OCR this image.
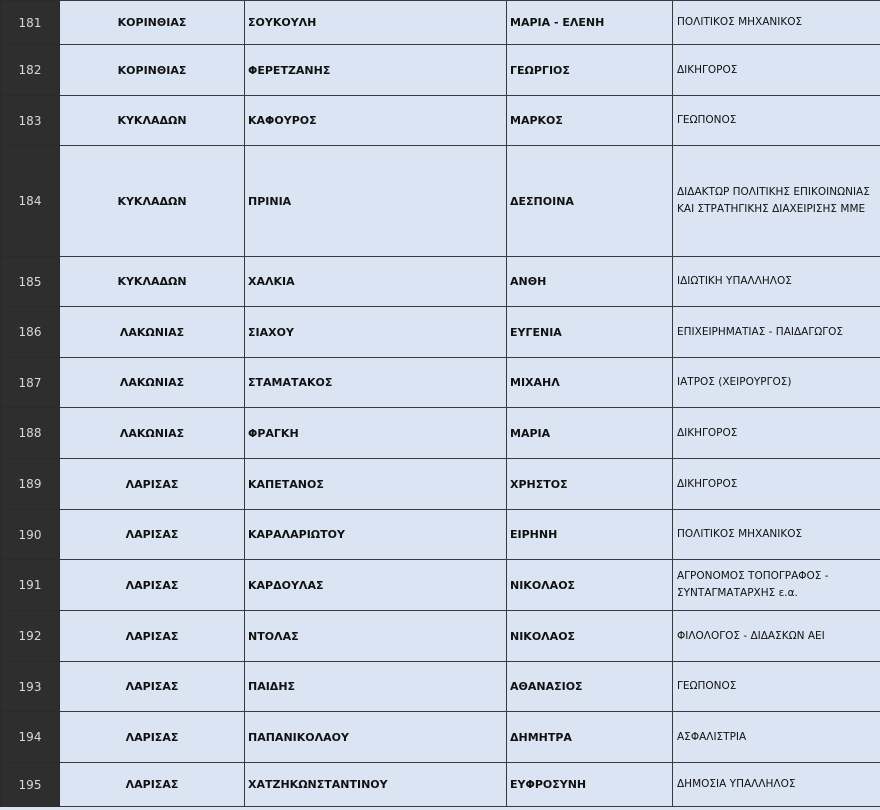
181	ΚΟΡΙΝΘΙΑΣ	ΣΟΥΚΟΥΛΗ	ΜΑΡΙΑ - ΕΛΕΝΗ	ΠΟΛΙΤΙΚΟΣ ΜΗΧΑΝΙΚΟΣ
182	ΚΟΡΙΝΘΙΑΣ	ΦΕΡΕΤΖΑΝΗΣ	ΓΕΩΡΓΙΟΣ	ΔΙΚΗΓΟΡΟΣ
183	ΚΥΚΛΑΔΩΝ	ΚΑΦΟΥΡΟΣ	ΜΑΡΚΟΣ	ΓΕΩΠΟΝΟΣ
184	ΚΥΚΛΑΔΩΝ	ΠΡΙΝΙΑ	ΔΕΣΠΟΙΝΑ	ΔΙΔΑΚΤΩΡ ΠΟΛΙΤΙΚΗΣ ΕΠΙΚΟΙΝΩΝΙΑΣ ΚΑΙ ΣΤΡΑΤΗΓΙΚΗΣ ΔΙΑΧΕΙΡΙΣΗΣ ΜΜΕ
185	ΚΥΚΛΑΔΩΝ	ΧΑΛΚΙΑ	ΑΝΘΗ	ΙΔΙΩΤΙΚΗ ΥΠΑΛΛΗΛΟΣ
186	ΛΑΚΩΝΙΑΣ	ΣΙΑΧΟΥ	ΕΥΓΕΝΙΑ	ΕΠΙΧΕΙΡΗΜΑΤΙΑΣ - ΠΑΙΔΑΓΩΓΟΣ
187	ΛΑΚΩΝΙΑΣ	ΣΤΑΜΑΤΑΚΟΣ	ΜΙΧΑΗΛ	ΙΑΤΡΟΣ (ΧΕΙΡΟΥΡΓΟΣ)
188	ΛΑΚΩΝΙΑΣ	ΦΡΑΓΚΗ	ΜΑΡΙΑ	ΔΙΚΗΓΟΡΟΣ
189	ΛΑΡΙΣΑΣ	ΚΑΠΕΤΑΝΟΣ	ΧΡΗΣΤΟΣ	ΔΙΚΗΓΟΡΟΣ
190	ΛΑΡΙΣΑΣ	ΚΑΡΑΛΑΡΙΩΤΟΥ	ΕΙΡΗΝΗ	ΠΟΛΙΤΙΚΟΣ ΜΗΧΑΝΙΚΟΣ
191	ΛΑΡΙΣΑΣ	ΚΑΡΔΟΥΛΑΣ	ΝΙΚΟΛΑΟΣ	ΑΓΡΟΝΟΜΟΣ ΤΟΠΟΓΡΑΦΟΣ - ΣΥΝΤΑΓΜΑΤΑΡΧΗΣ ε.α.
192	ΛΑΡΙΣΑΣ	ΝΤΟΛΑΣ	ΝΙΚΟΛΑΟΣ	ΦΙΛΟΛΟΓΟΣ - ΔΙΔΑΣΚΩΝ ΑΕΙ
193	ΛΑΡΙΣΑΣ	ΠΑΙΔΗΣ	ΑΘΑΝΑΣΙΟΣ	ΓΕΩΠΟΝΟΣ
194	ΛΑΡΙΣΑΣ	ΠΑΠΑΝΙΚΟΛΑΟΥ	ΔΗΜΗΤΡΑ	ΑΣΦΑΛΙΣΤΡΙΑ
195	ΛΑΡΙΣΑΣ	ΧΑΤΖΗΚΩΝΣΤΑΝΤΙΝΟΥ	ΕΥΦΡΟΣΥΝΗ	ΔΗΜΟΣΙΑ ΥΠΑΛΛΗΛΟΣ
